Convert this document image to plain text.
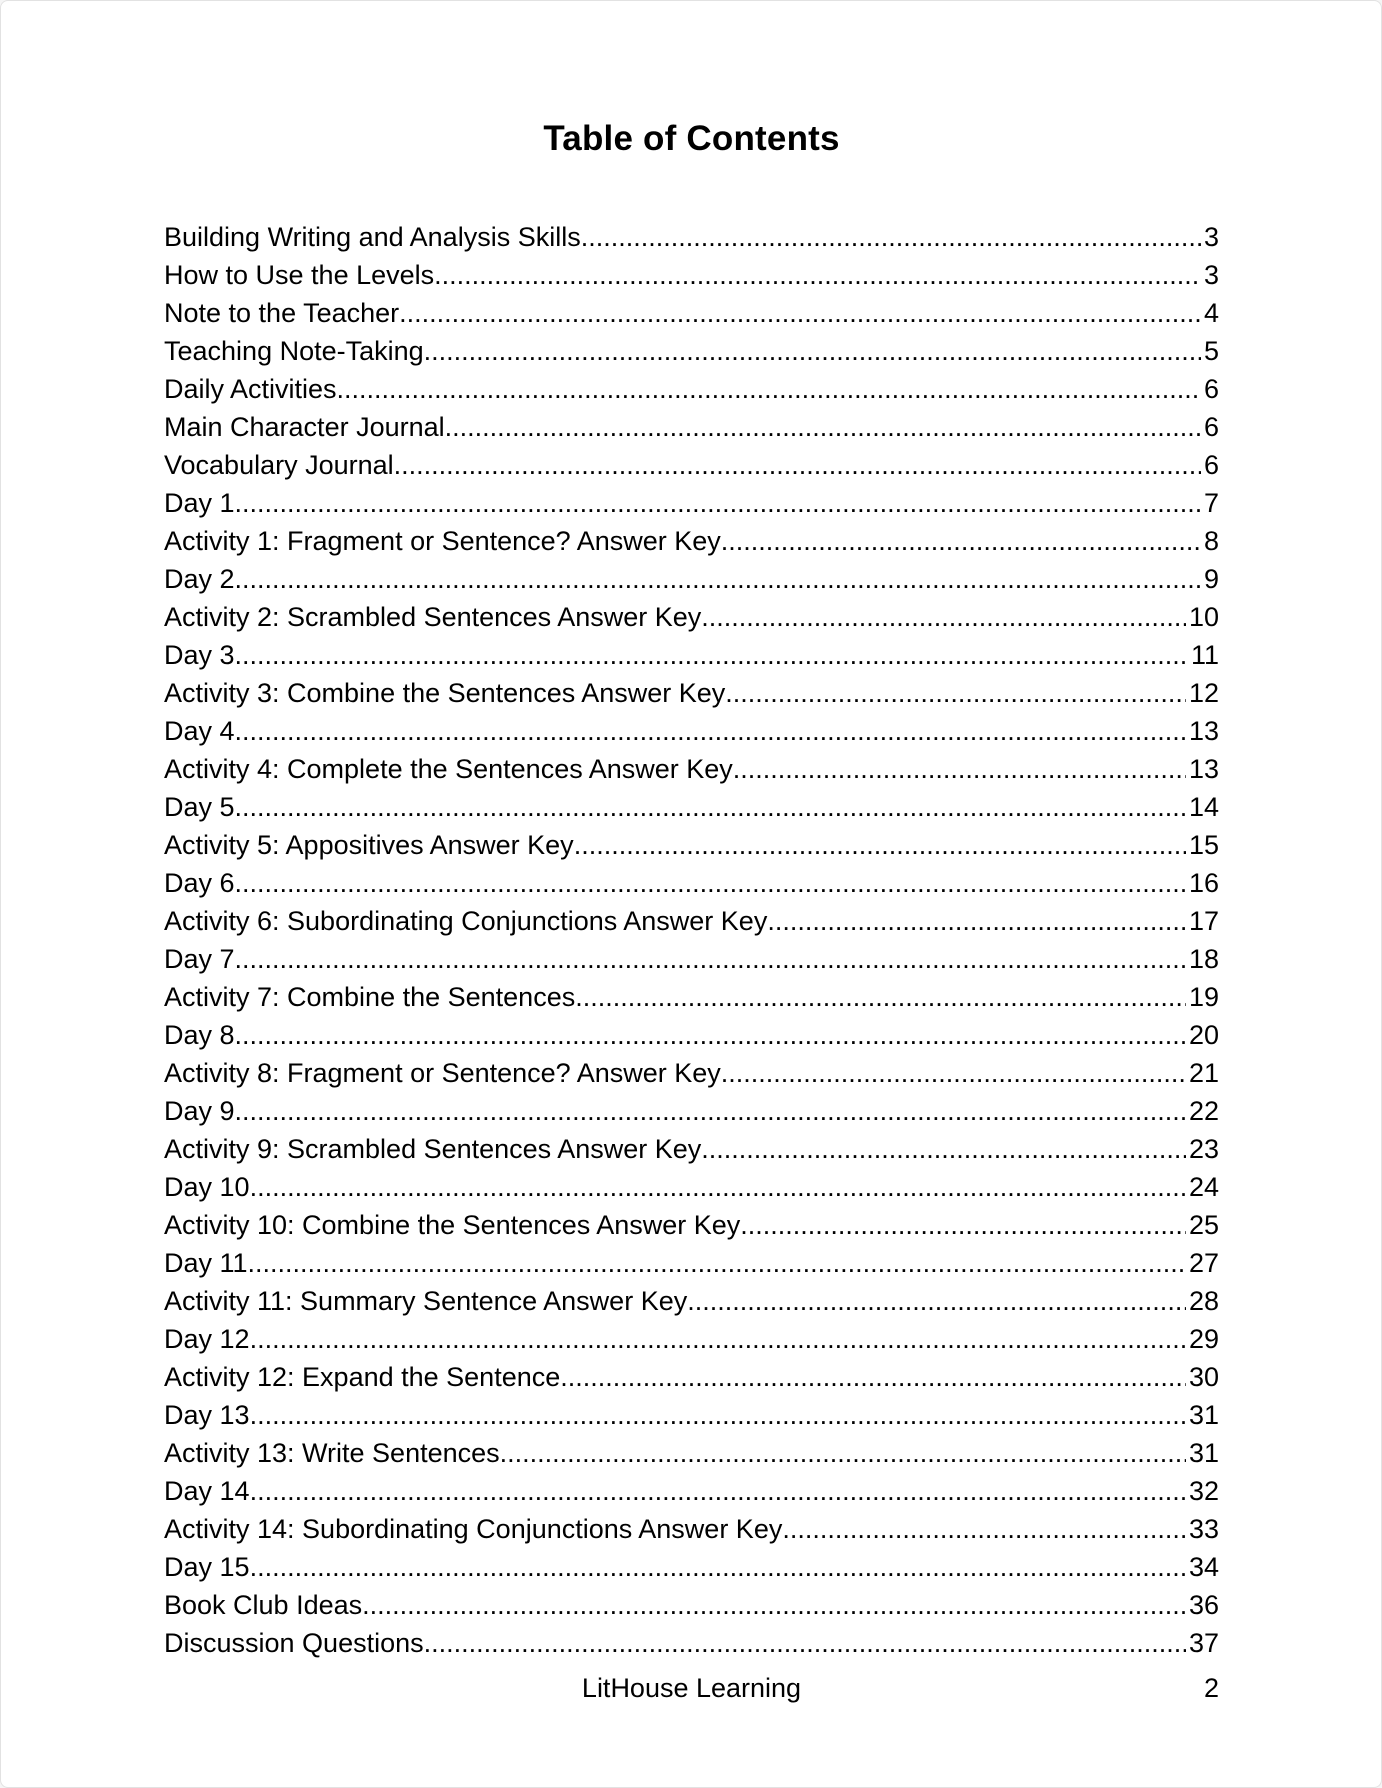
Table of Contents
Building Writing and Analysis Skills .....	3
How to Use the Levels .....	3
Note to the Teacher .....	4
Teaching Note-Taking .....	5
Daily Activities .....	6
Main Character Journal .....	6
Vocabulary Journal .....	6
Day 1 .....	7
Activity 1: Fragment or Sentence? Answer Key .....	8
Day 2 .....	9
Activity 2: Scrambled Sentences Answer Key .....	10
Day 3 .....	11
Activity 3: Combine the Sentences Answer Key .....	12
Day 4 .....	13
Activity 4: Complete the Sentences Answer Key .....	13
Day 5 .....	14
Activity 5: Appositives Answer Key .....	15
Day 6 .....	16
Activity 6: Subordinating Conjunctions Answer Key .....	17
Day 7 .....	18
Activity 7: Combine the Sentences .....	19
Day 8 .....	20
Activity 8: Fragment or Sentence? Answer Key .....	21
Day 9 .....	22
Activity 9: Scrambled Sentences Answer Key .....	23
Day 10 .....	24
Activity 10: Combine the Sentences Answer Key .....	25
Day 11 .....	27
Activity 11: Summary Sentence Answer Key .....	28
Day 12 .....	29
Activity 12: Expand the Sentence .....	30
Day 13 .....	31
Activity 13: Write Sentences .....	31
Day 14 .....	32
Activity 14: Subordinating Conjunctions Answer Key .....	33
Day 15 .....	34
Book Club Ideas .....	36
Discussion Questions .....	37
LitHouse Learning	2
